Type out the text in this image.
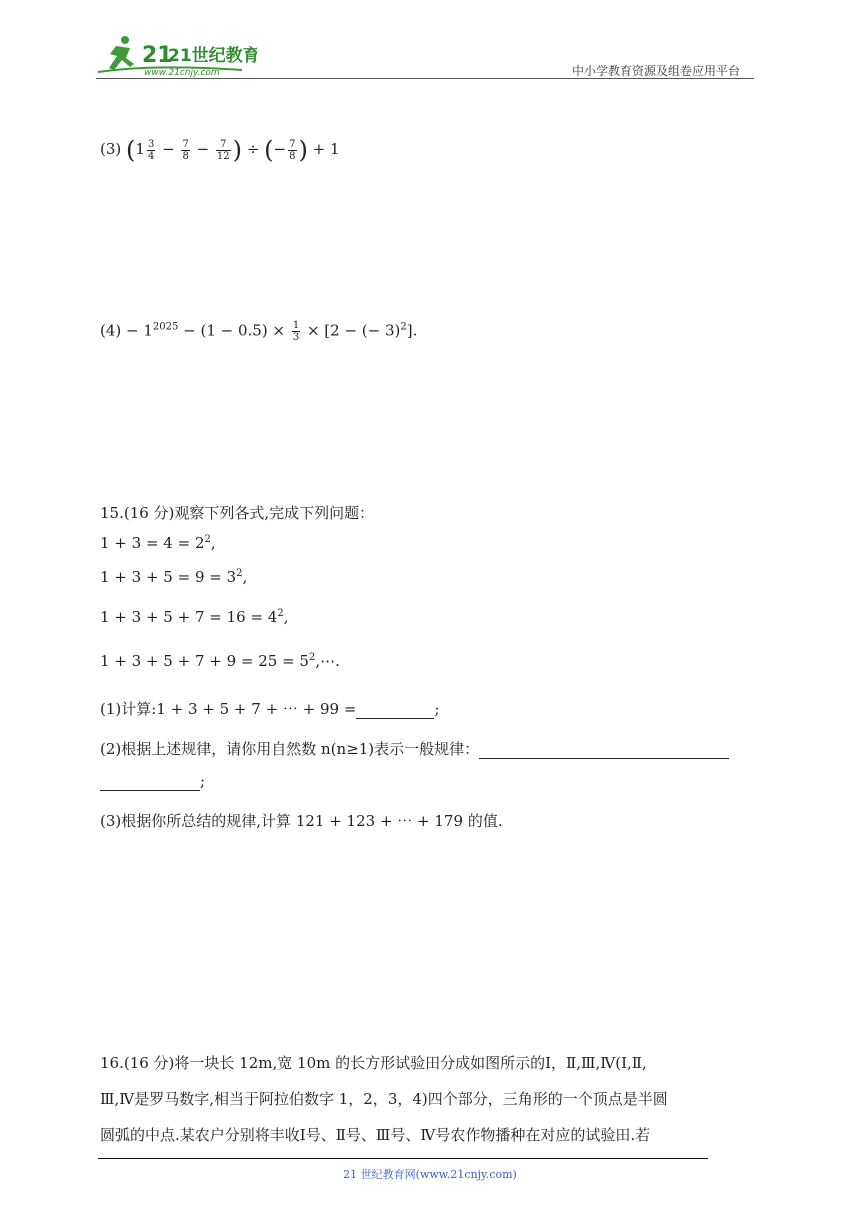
21
21世纪教育
www.21cnjy.com	中小学教育资源及组卷应用平台
(3) ($1 \frac{3}{4} - \frac{7}{8} - \frac{7}{12}$ ) ÷ (− $\frac{7}{8}$ ) + 1
$(4) - 1^{2025} - (1 - 0.5) \times \frac{1}{3} \times [2$ − (− 3)$^2$].
15.(16 分)观察下列各式,完成下列问题：
$1 + 3 = 4 = 2^2$,
$1 + 3 + 5 = 9 = 3^2$,
$1 + 3 + 5 + 7 = 16 = 4^2$,
$1 + 3 + 5 + 7 + 9 = 25 = 5^2,\cdots$.
(1)计算:1 + 3 + 5 + 7 + ⋯ + 99 =	;
(2)根据上述规律，请你用自然数 n(n≥1)表示一般规律：
;
(3)根据你所总结的规律,计算 121 + 123 + ⋯ + 179 的值.
16.(16 分)将一块长 12m,宽 10m 的长方形试验田分成如图所示的Ⅰ，Ⅱ,Ⅲ,Ⅳ(Ⅰ,Ⅱ,
Ⅲ,Ⅳ是罗马数字,相当于阿拉伯数字 1，2，3，4)四个部分，三角形的一个顶点是半圆
圆弧的中点.某农户分别将丰收Ⅰ号、Ⅱ号、Ⅲ号、Ⅳ号农作物播种在对应的试验田.若
21 世纪教育网(www.21cnjy.com)
